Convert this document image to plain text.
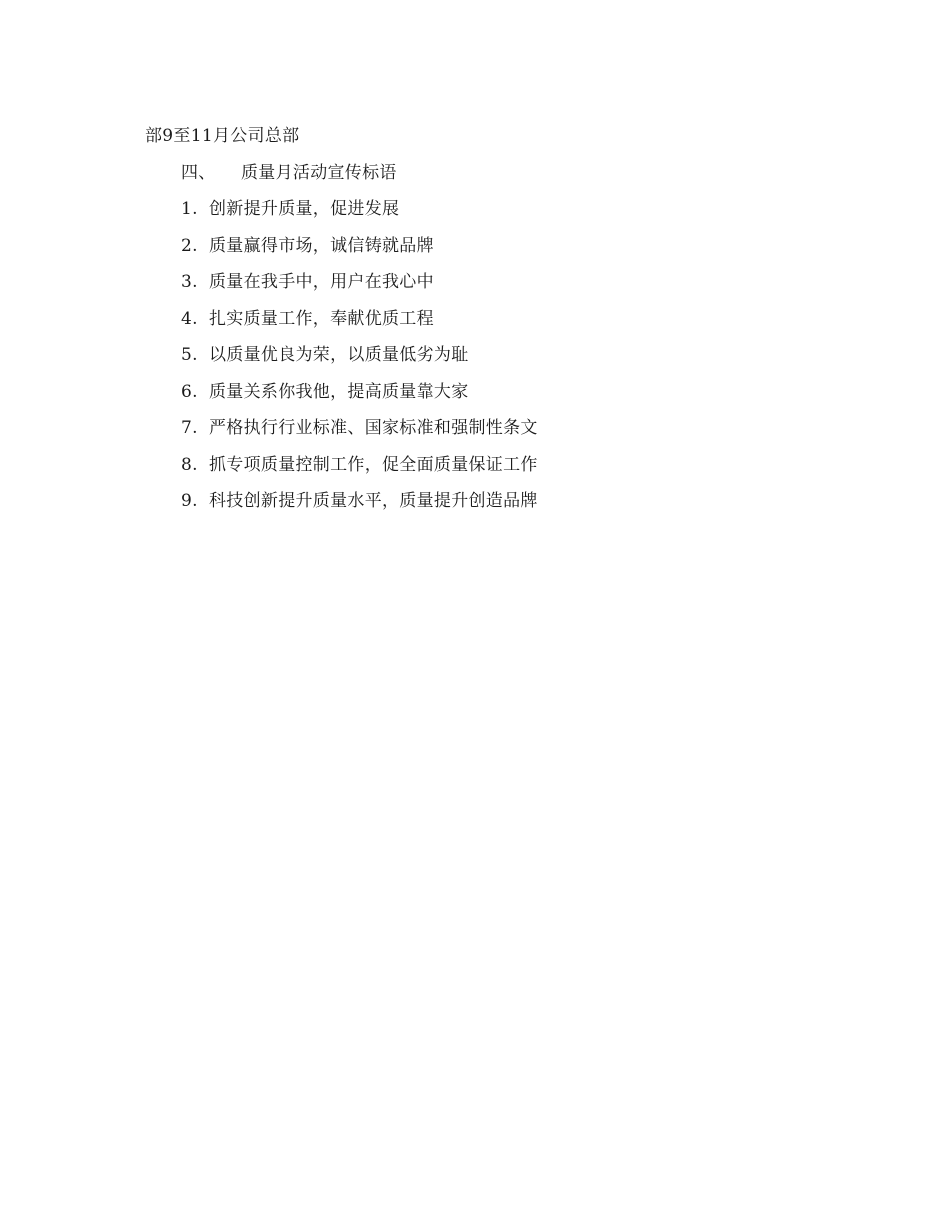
部9至11月公司总部
四、 质量月活动宣传标语
1. 创新提升质量，促进发展
2. 质量赢得市场，诚信铸就品牌
3. 质量在我手中，用户在我心中
4. 扎实质量工作，奉献优质工程
5. 以质量优良为荣，以质量低劣为耻
6. 质量关系你我他，提高质量靠大家
7. 严格执行行业标准、国家标准和强制性条文
8. 抓专项质量控制工作，促全面质量保证工作
9. 科技创新提升质量水平，质量提升创造品牌
